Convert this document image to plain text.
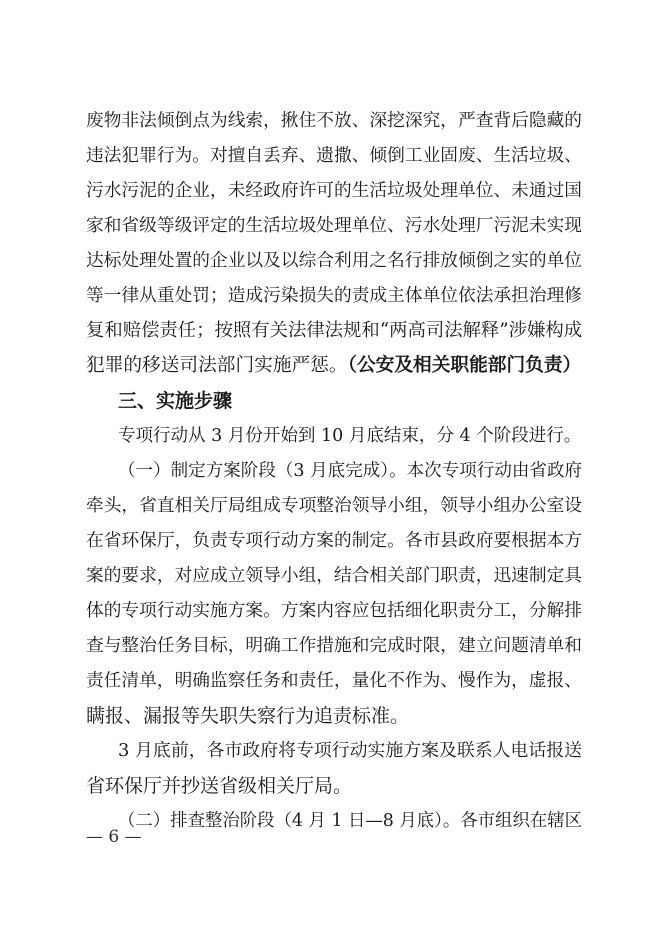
废物非法倾倒点为线索，揪住不放、深挖深究，严查背后隐藏的
违法犯罪行为。对擅自丢弃、遗撒、倾倒工业固废、生活垃圾、
污水污泥的企业，未经政府许可的生活垃圾处理单位、未通过国
家和省级等级评定的生活垃圾处理单位、污水处理厂污泥未实现
达标处理处置的企业以及以综合利用之名行排放倾倒之实的单位
等一律从重处罚；造成污染损失的责成主体单位依法承担治理修
复和赔偿责任；按照有关法律法规和“两高司法解释”涉嫌构成
犯罪的移送司法部门实施严惩。（公安及相关职能部门负责）
三、实施步骤
专项行动从 3 月份开始到 10 月底结束，分 4 个阶段进行。
（一）制定方案阶段（3 月底完成）。本次专项行动由省政府
牵头，省直相关厅局组成专项整治领导小组，领导小组办公室设
在省环保厅，负责专项行动方案的制定。各市县政府要根据本方
案的要求，对应成立领导小组，结合相关部门职责，迅速制定具
体的专项行动实施方案。方案内容应包括细化职责分工，分解排
查与整治任务目标，明确工作措施和完成时限，建立问题清单和
责任清单，明确监察任务和责任，量化不作为、慢作为，虚报、
瞒报、漏报等失职失察行为追责标准。
3 月底前，各市政府将专项行动实施方案及联系人电话报送
省环保厅并抄送省级相关厅局。
（二）排查整治阶段（4 月 1 日—8 月底）。各市组织在辖区
— 6 —
